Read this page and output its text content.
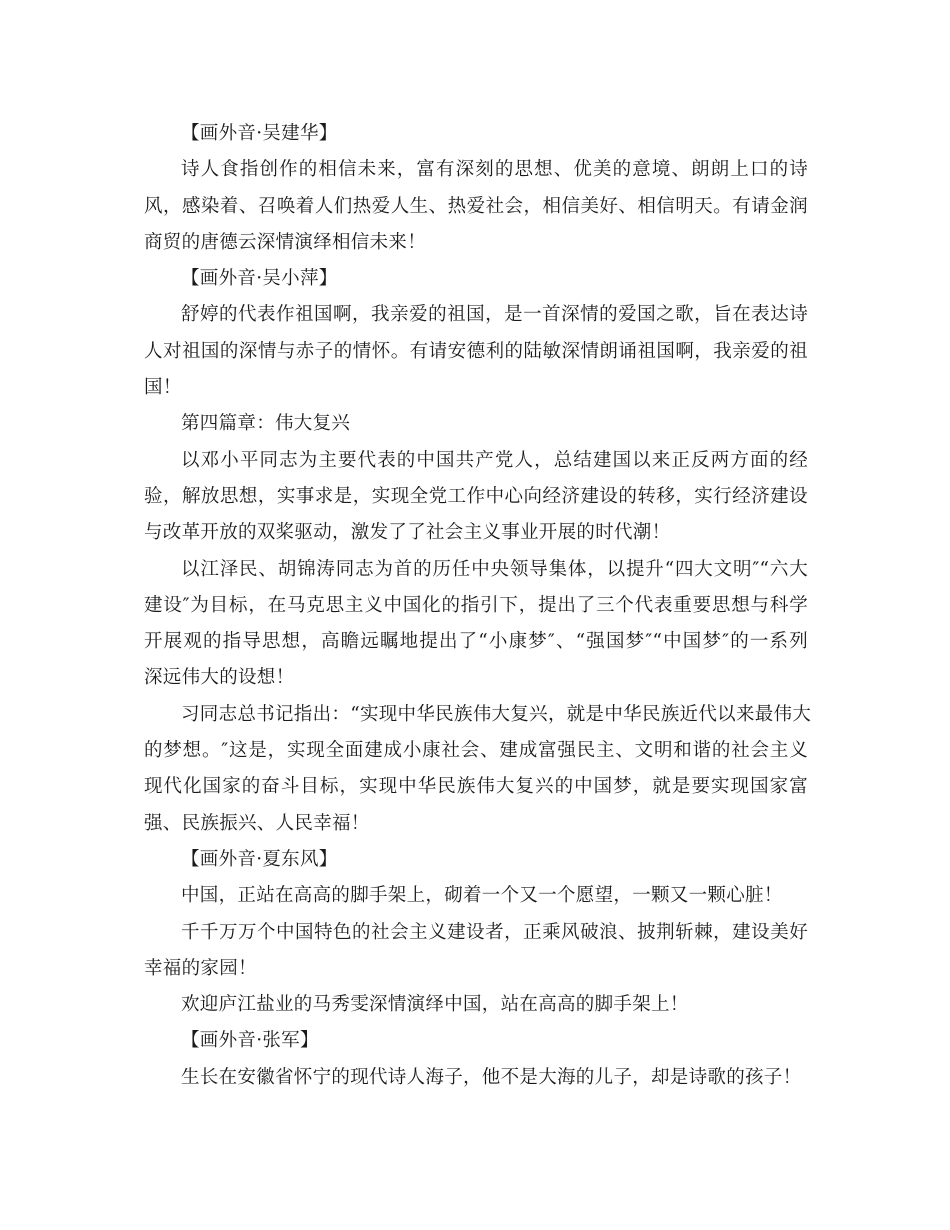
【画外音·吴建华】
诗人食指创作的相信未来，富有深刻的思想、优美的意境、朗朗上口的诗
风，感染着、召唤着人们热爱人生、热爱社会，相信美好、相信明天。有请金润
商贸的唐德云深情演绎相信未来！
【画外音·吴小萍】
舒婷的代表作祖国啊，我亲爱的祖国，是一首深情的爱国之歌，旨在表达诗
人对祖国的深情与赤子的情怀。有请安德利的陆敏深情朗诵祖国啊，我亲爱的祖
国！
第四篇章：伟大复兴
以邓小平同志为主要代表的中国共产党人，总结建国以来正反两方面的经
验，解放思想，实事求是，实现全党工作中心向经济建设的转移，实行经济建设
与改革开放的双桨驱动，激发了了社会主义事业开展的时代潮！
以江泽民、胡锦涛同志为首的历任中央领导集体，以提升“四大文明″“六大
建设″为目标，在马克思主义中国化的指引下，提出了三个代表重要思想与科学
开展观的指导思想，高瞻远瞩地提出了“小康梦″、“强国梦″“中国梦″的一系列
深远伟大的设想！
习同志总书记指出：“实现中华民族伟大复兴，就是中华民族近代以来最伟大
的梦想。″这是，实现全面建成小康社会、建成富强民主、文明和谐的社会主义
现代化国家的奋斗目标，实现中华民族伟大复兴的中国梦，就是要实现国家富
强、民族振兴、人民幸福！
【画外音·夏东风】
中国，正站在高高的脚手架上，砌着一个又一个愿望，一颗又一颗心脏！
千千万万个中国特色的社会主义建设者，正乘风破浪、披荆斩棘，建设美好
幸福的家园！
欢迎庐江盐业的马秀雯深情演绎中国，站在高高的脚手架上！
【画外音·张军】
生长在安徽省怀宁的现代诗人海子，他不是大海的儿子，却是诗歌的孩子！
